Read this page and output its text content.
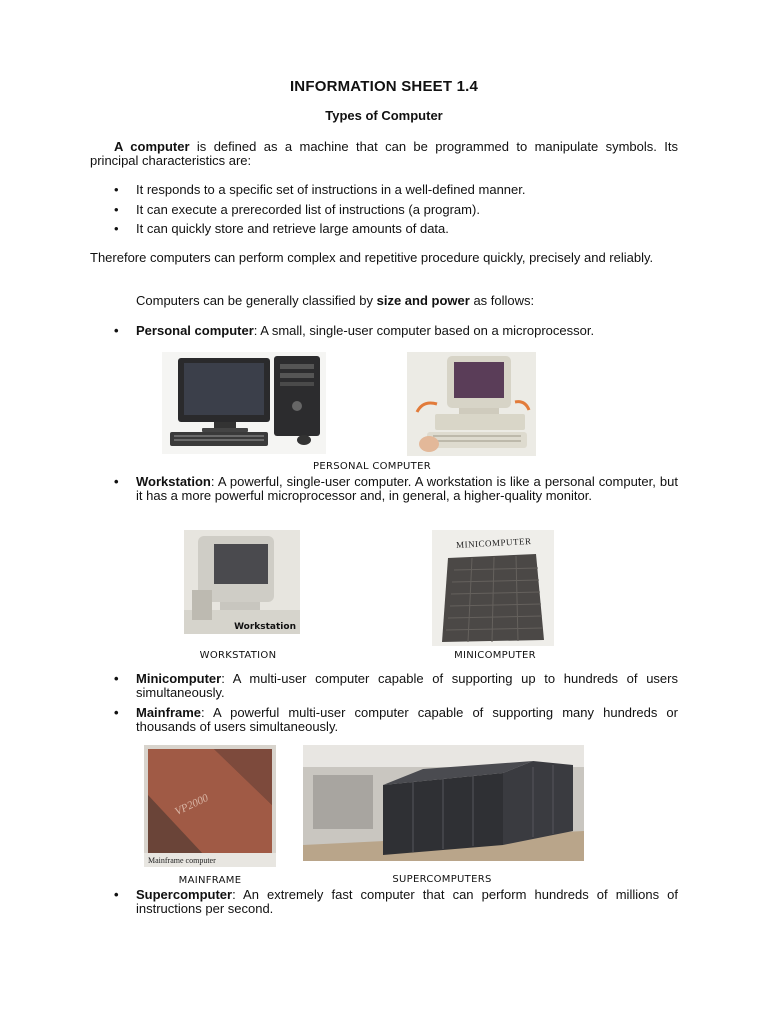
INFORMATION SHEET 1.4
Types of Computer
A computer is defined as a machine that can be programmed to manipulate symbols. Its
principal characteristics are:
• It responds to a specific set of instructions in a well-defined manner.
• It can execute a prerecorded list of instructions (a program).
• It can quickly store and retrieve large amounts of data.
Therefore computers can perform complex and repetitive procedure quickly, precisely and reliably.
Computers can be generally classified by size and power as follows:
• Personal computer: A small, single-user computer based on a microprocessor.
PERSONAL COMPUTER
• Workstation: A powerful, single-user computer. A workstation is like a personal computer, but it has a more powerful microprocessor and, in general, a higher-quality monitor.
Workstation
MINICOMPUTER
WORKSTATION	MINICOMPUTER
• Minicomputer: A multi-user computer capable of supporting up to hundreds of users simultaneously.
• Mainframe: A powerful multi-user computer capable of supporting many hundreds or thousands of users simultaneously.
VP2000
Mainframe computer
MAINFRAME	SUPERCOMPUTERS
• Supercomputer: An extremely fast computer that can perform hundreds of millions of instructions per second.
